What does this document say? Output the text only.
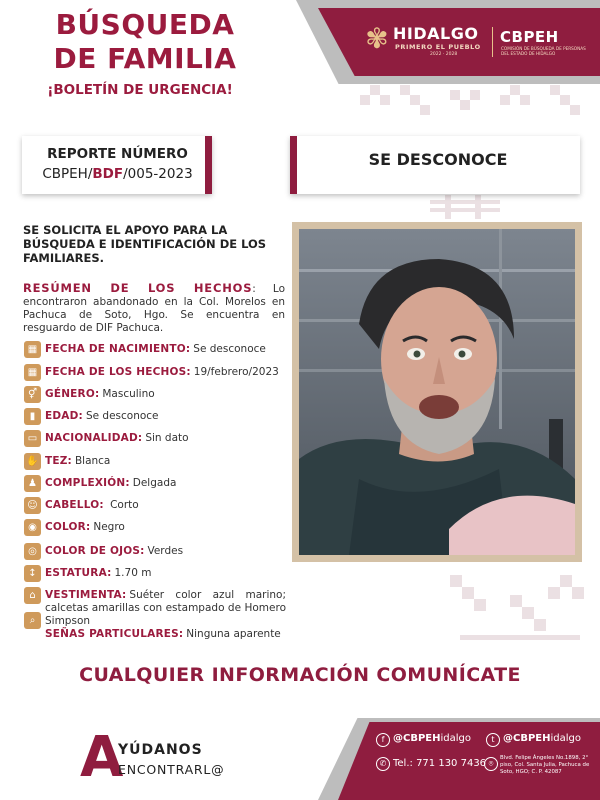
BÚSQUEDA
DE FAMILIA
¡BOLETÍN DE URGENCIA!
✾ HIDALGO
PRIMERO EL PUEBLO
2022 · 2028
CBPEH
COMISIÓN DE BÚSQUEDA DE PERSONAS DEL ESTADO DE HIDALGO
REPORTE NÚMERO
CBPEH/BDF/005-2023
SE DESCONOCE
SE SOLICITA EL APOYO PARA LA BÚSQUEDA E IDENTIFICACIÓN DE LOS FAMILIARES.
RESÚMEN DE LOS HECHOS: Lo encontraron abandonado en la Col. Morelos en Pachuca de Soto, Hgo. Se encuentra en resguardo de DIF Pachuca.
▦ FECHA DE NACIMIENTO: Se desconoce
▦ FECHA DE LOS HECHOS: 19/febrero/2023
⚥ GÉNERO: Masculino
▮ EDAD: Se desconoce
▭ NACIONALIDAD: Sin dato
✋ TEZ: Blanca
♟ COMPLEXIÓN: Delgada
☺ CABELLO: Corto
◉ COLOR: Negro
◎ COLOR DE OJOS: Verdes
↕ ESTATURA: 1.70 m
⌂ VESTIMENTA: Suéter color azul marino; calcetas amarillas con estampado de Homero Simpson
⌕
SEÑAS PARTICULARES: Ninguna aparente
CUALQUIER INFORMACIÓN COMUNÍCATE
A
YÚDANOS
ENCONTRARL@
f @CBPEHidalgo	t @CBPEHidalgo
✆ Tel.: 771 130 7436 ⌾
Blvd. Felipe Ángeles No.1898, 2° piso, Col. Santa Julia, Pachuca de Soto, HGO; C. P. 42087
